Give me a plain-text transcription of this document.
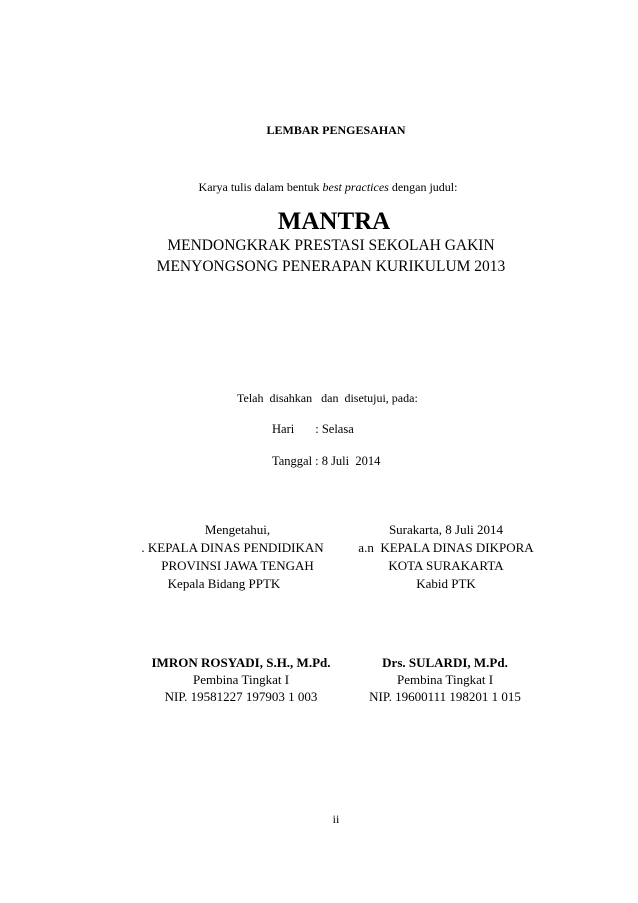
LEMBAR PENGESAHAN
Karya tulis dalam bentuk best practices dengan judul:
MANTRA
MENDONGKRAK PRESTASI SEKOLAH GAKIN
MENYONGSONG PENERAPAN KURIKULUM 2013
Telah  disahkan   dan  disetujui, pada:
Hari : Selasa
Tanggal : 8 Juli  2014
Mengetahui,
. KEPALA DINAS PENDIDIKAN
PROVINSI JAWA TENGAH
Kepala Bidang PPTK
Surakarta, 8 Juli 2014
a.n  KEPALA DINAS DIKPORA
KOTA SURAKARTA
Kabid PTK
IMRON ROSYADI, S.H., M.Pd.
Pembina Tingkat I
NIP. 19581227 197903 1 003
Drs. SULARDI, M.Pd.
Pembina Tingkat I
NIP. 19600111 198201 1 015
ii
